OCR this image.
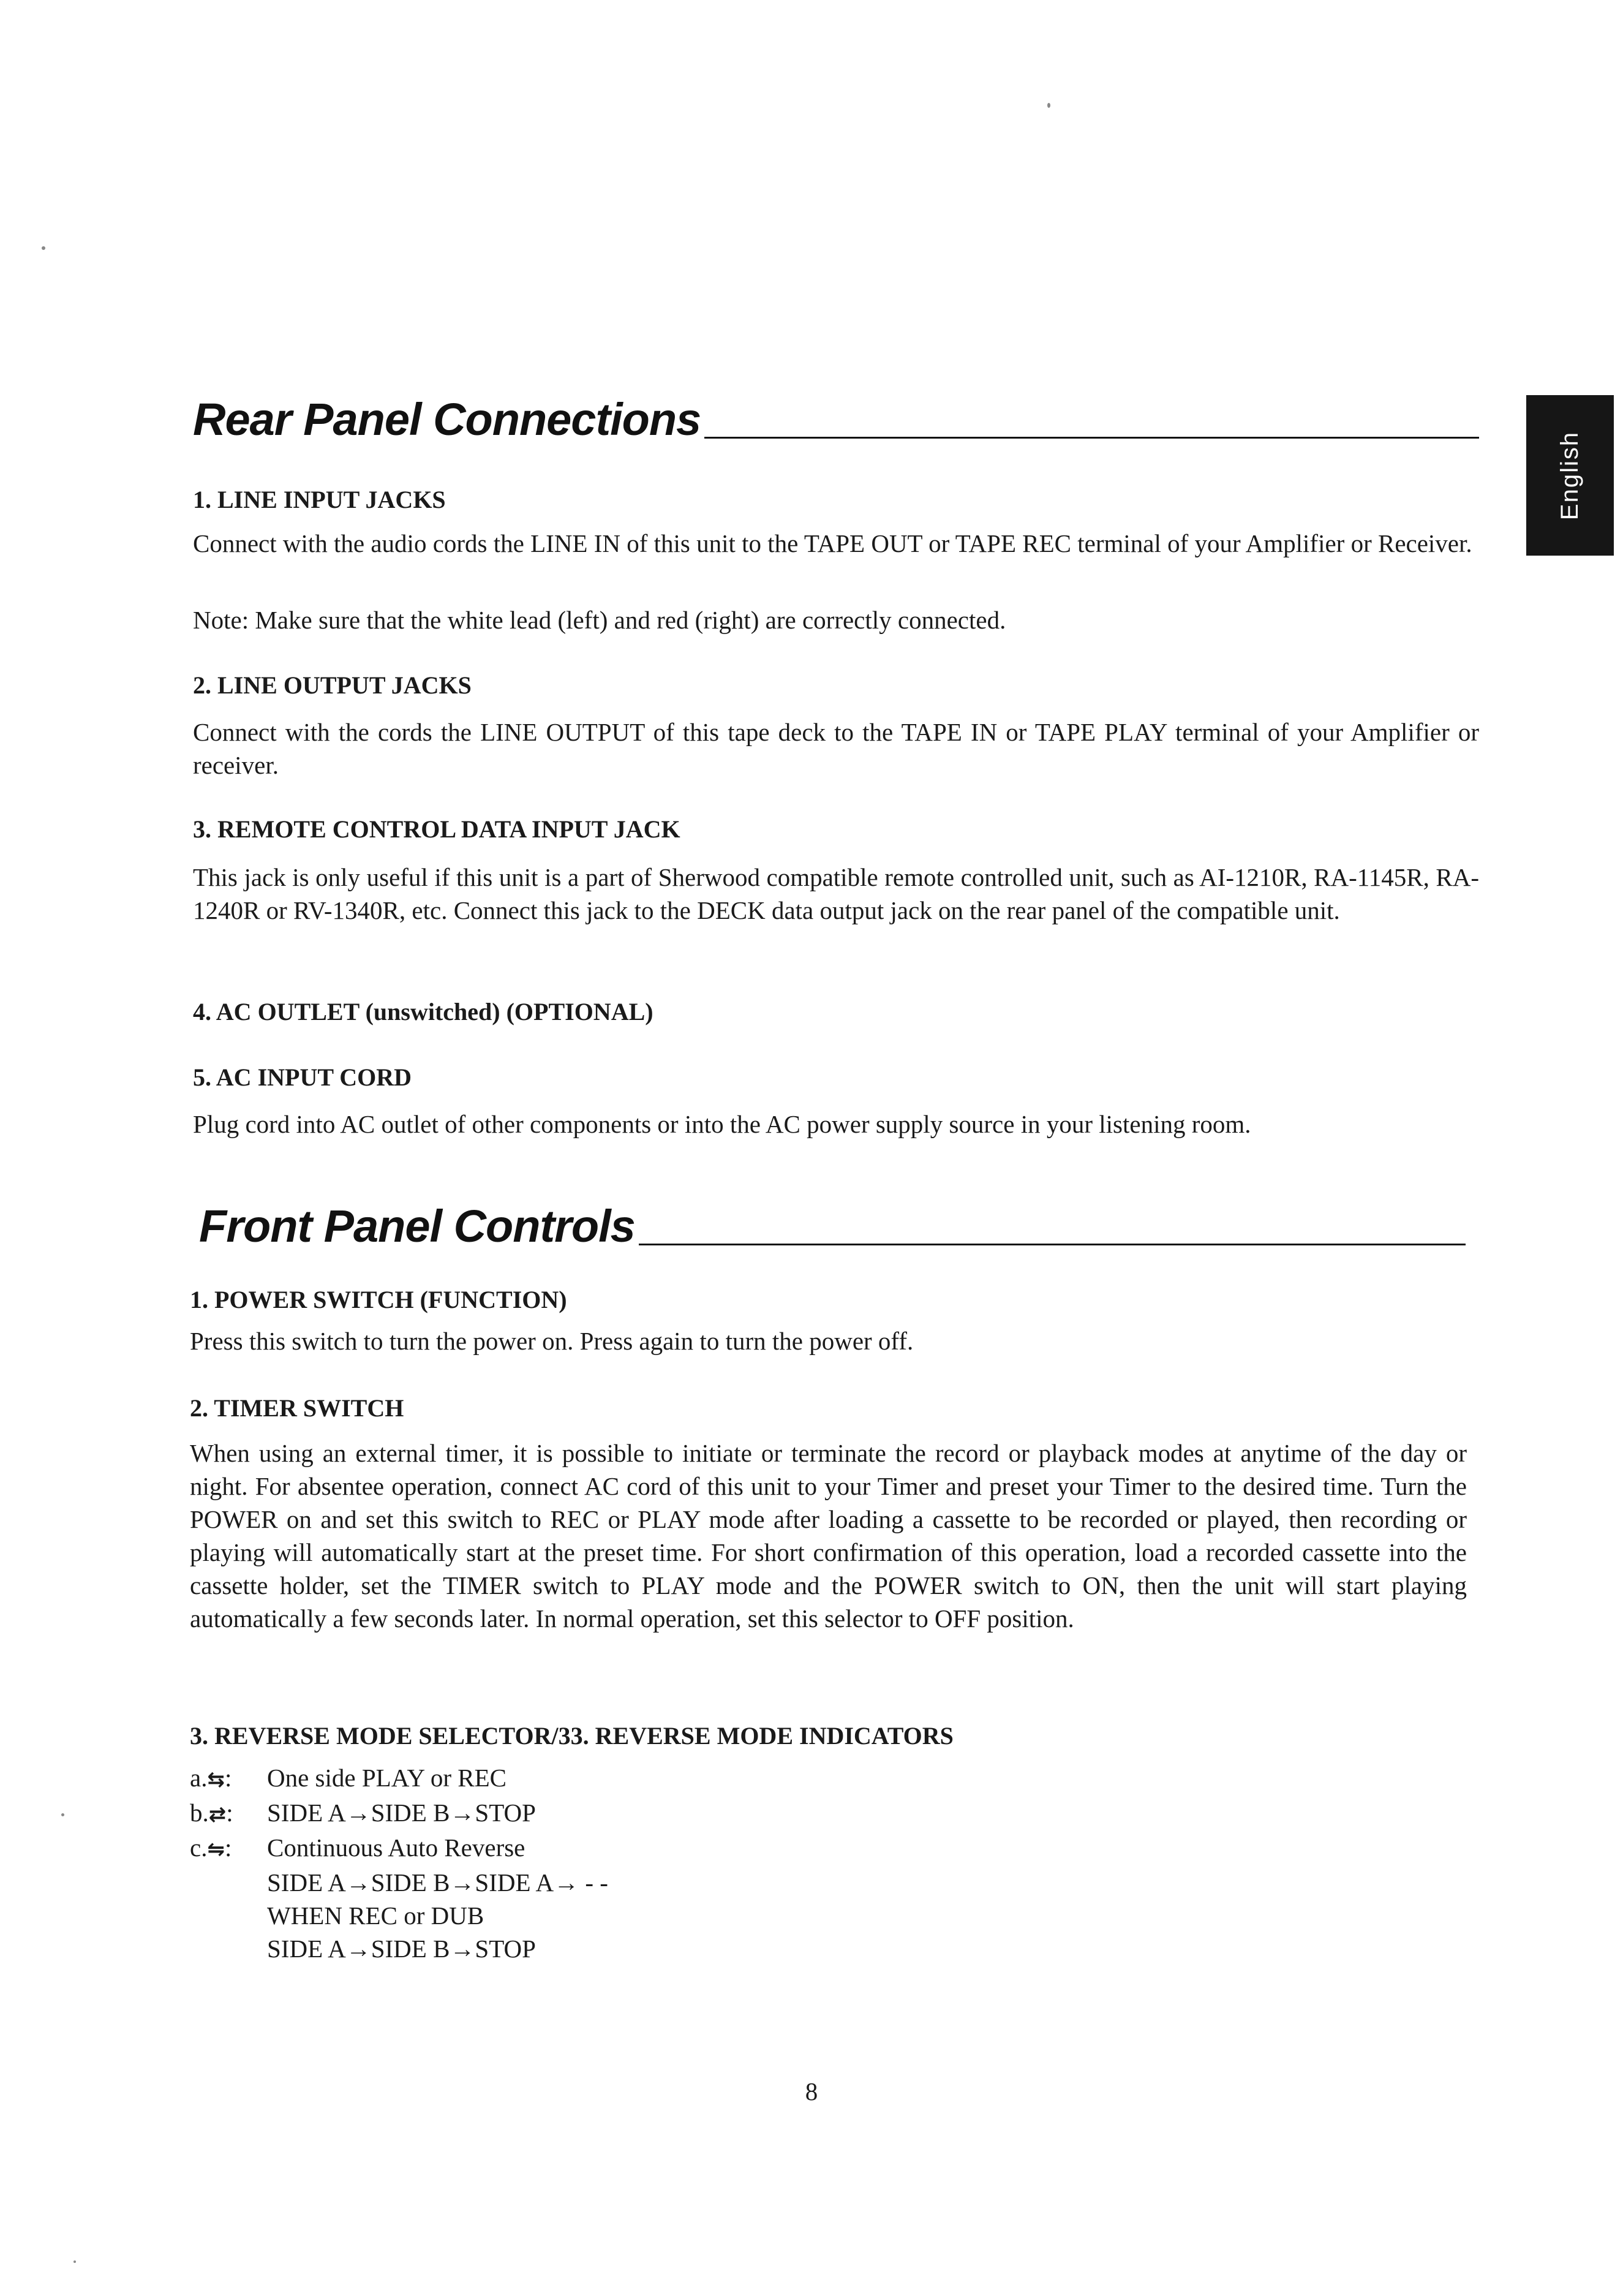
English
Rear Panel Connections

1. LINE INPUT JACKS

Connect with the audio cords the LINE IN of this unit to the TAPE OUT or TAPE REC terminal of your Amplifier or Receiver.

Note: Make sure that the white lead (left) and red (right) are correctly connected.

2. LINE OUTPUT JACKS

Connect with the cords the LINE OUTPUT of this tape deck to the TAPE IN or TAPE PLAY terminal of your Amplifier or receiver.

3. REMOTE CONTROL DATA INPUT JACK

This jack is only useful if this unit is a part of Sherwood compatible remote controlled unit, such as AI-1210R, RA-1145R, RA-1240R or RV-1340R, etc. Connect this jack to the DECK data output jack on the rear panel of the compatible unit.

4. AC OUTLET (unswitched) (OPTIONAL)

5. AC INPUT CORD

Plug cord into AC outlet of other components or into the AC power supply source in your listening room.

Front Panel Controls

1. POWER SWITCH (FUNCTION)

Press this switch to turn the power on. Press again to turn the power off.

2. TIMER SWITCH

When using an external timer, it is possible to initiate or terminate the record or playback modes at anytime of the day or night. For absentee operation, connect AC cord of this unit to your Timer and preset your Timer to the desired time. Turn the POWER on and set this switch to REC or PLAY mode after loading a cassette to be recorded or played, then recording or playing will automatically start at the preset time. For short confirmation of this operation, load a recorded cassette into the cassette holder, set the TIMER switch to PLAY mode and the POWER switch to ON, then the unit will start playing automatically a few seconds later. In normal operation, set this selector to OFF position.

3. REVERSE MODE SELECTOR/33. REVERSE MODE INDICATORS

a.⇆:	One side PLAY or REC
b.⇄:	SIDE A→SIDE B→STOP
c.⇋:	Continuous Auto Reverse
SIDE A→SIDE B→SIDE A→ - -
WHEN REC or DUB
SIDE A→SIDE B→STOP
8
